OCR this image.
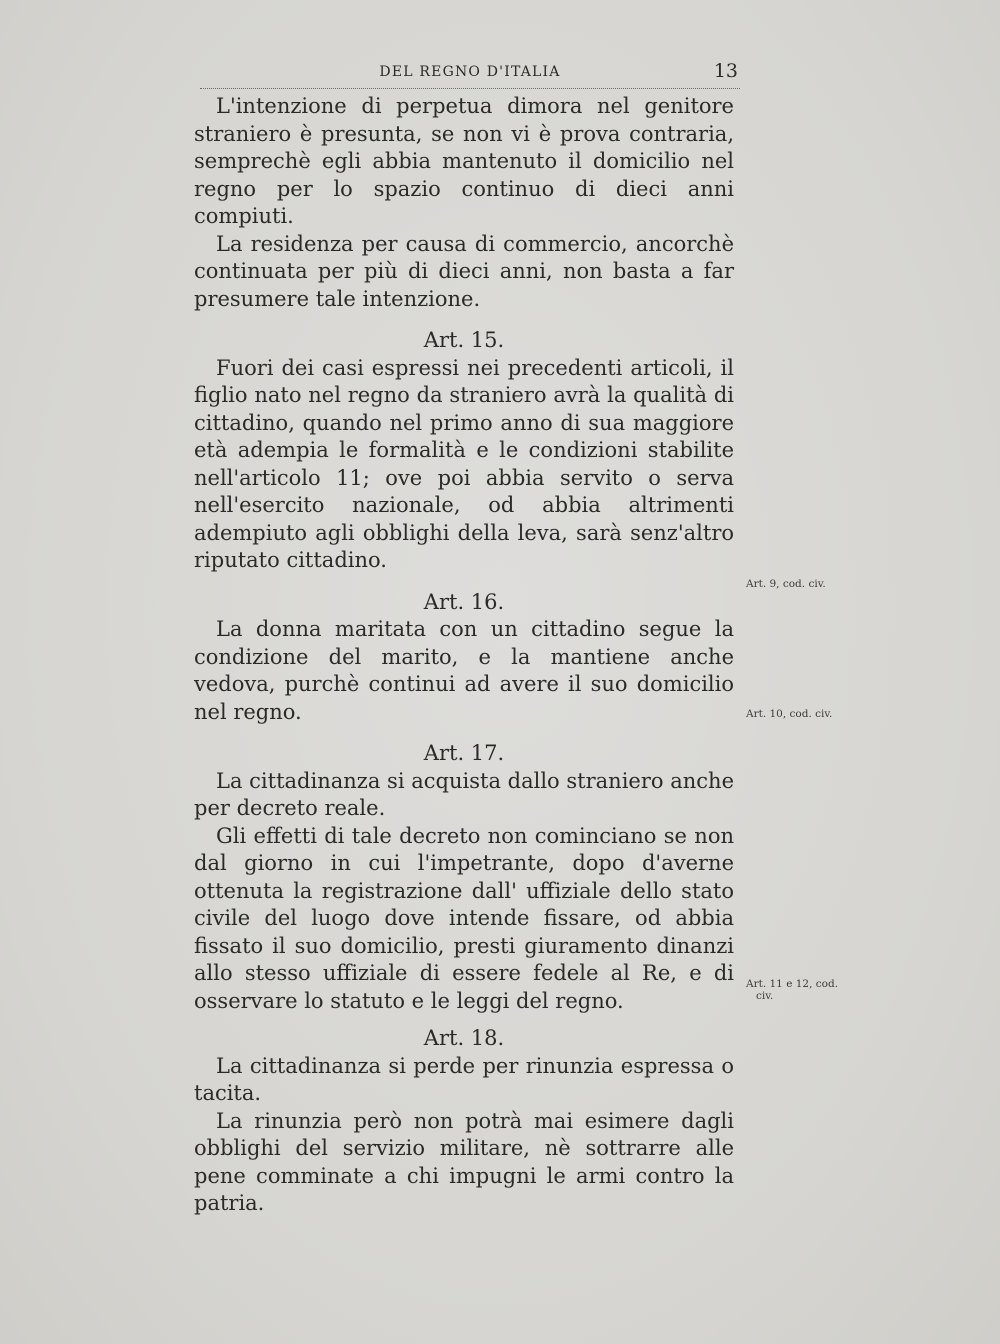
DEL REGNO D'ITALIA	13

L'intenzione di perpetua dimora nel genitore straniero è presunta, se non vi è prova contraria, semprechè egli abbia mantenuto il domicilio nel regno per lo spazio continuo di dieci anni compiuti.

La residenza per causa di commercio, ancorchè continuata per più di dieci anni, non basta a far presumere tale intenzione.

Art. 15.

Fuori dei casi espressi nei precedenti articoli, il figlio nato nel regno da straniero avrà la qualità di cittadino, quando nel primo anno di sua maggiore età adempia le formalità e le condizioni stabilite nell'articolo 11; ove poi abbia servito o serva nell'esercito nazionale, od abbia altrimenti adempiuto agli obblighi della leva, sarà senz'altro riputato cittadino.

Art. 16.

La donna maritata con un cittadino segue la condizione del marito, e la mantiene anche vedova, purchè continui ad avere il suo domicilio nel regno.

Art. 17.

La cittadinanza si acquista dallo straniero anche per decreto reale.

Gli effetti di tale decreto non cominciano se non dal giorno in cui l'impetrante, dopo d'averne ottenuta la registrazione dall' uffiziale dello stato civile del luogo dove intende fissare, od abbia fissato il suo domicilio, presti giuramento dinanzi allo stesso uffiziale di essere fedele al Re, e di osservare lo statuto e le leggi del regno.

Art. 18.

La cittadinanza si perde per rinunzia espressa o tacita.

La rinunzia però non potrà mai esimere dagli obblighi del servizio militare, nè sottrarre alle pene comminate a chi impugni le armi contro la patria.

Art. 9, cod. civ.
Art. 10, cod. civ.
Art. 11 e 12, cod.
civ.
